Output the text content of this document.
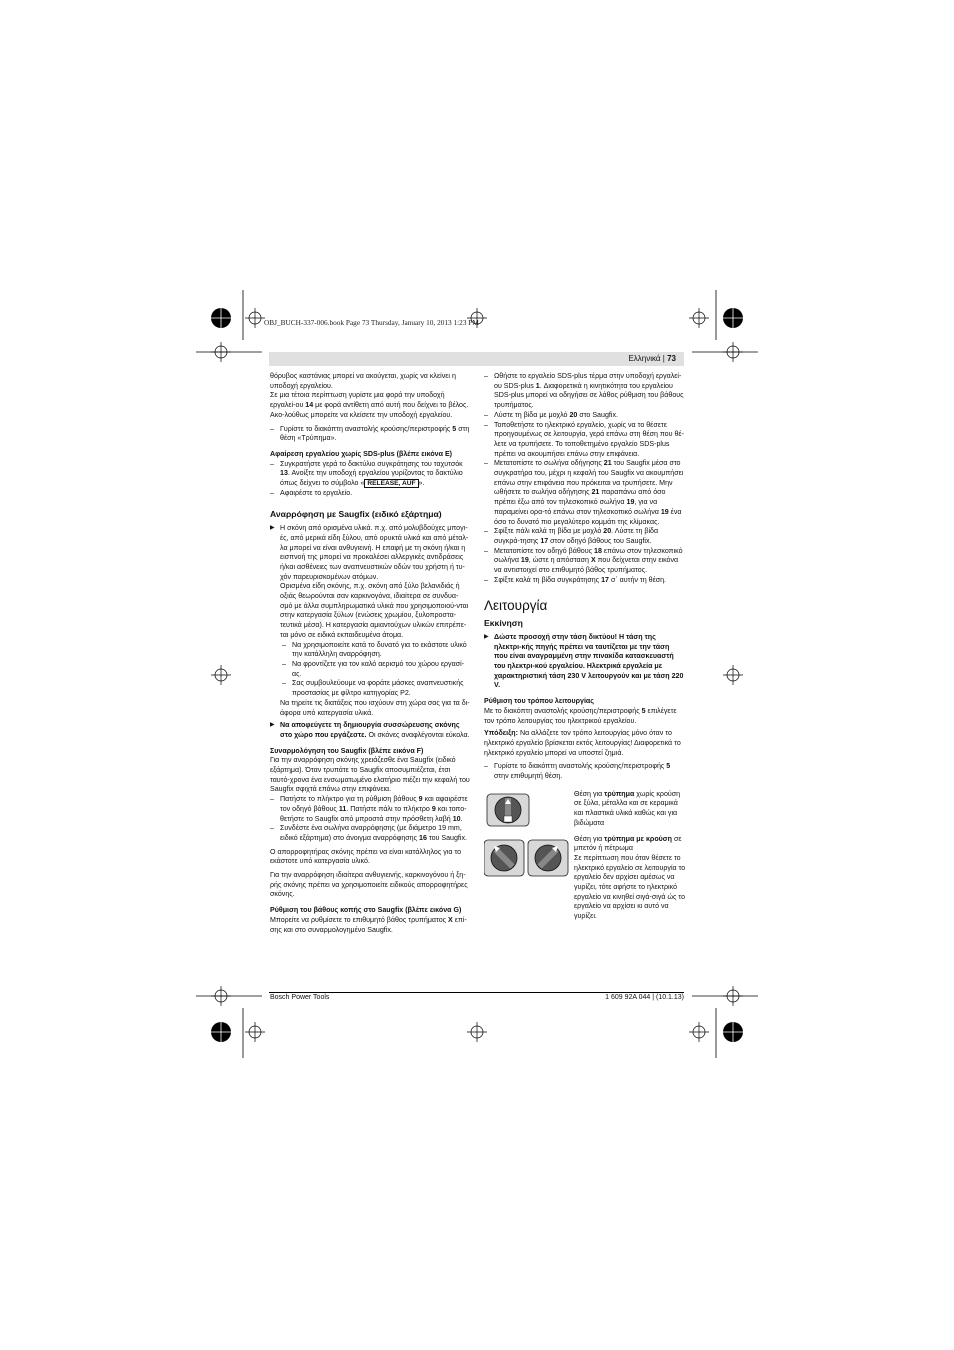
OBJ_BUCH-337-006.book Page 73 Thursday, January 10, 2013 1:23 PM
Ελληνικά | 73

θόρυβος καστάνιας μπορεί να ακούγεται, χωρίς να κλείνει η υποδοχή εργαλείου.

Σε μια τέτοια περίπτωση γυρίστε μια φορά την υποδοχή εργαλεί-ου 14 με φορά αντίθετη από αυτή που δείχνει το βέλος. Ακο-λούθως μπορείτε να κλείσετε την υποδοχή εργαλείου.

– Γυρίστε το διακόπτη αναστολής κρούσης/περιστροφής 5 στη θέση «Τρύπημα».

Αφαίρεση εργαλείου χωρίς SDS-plus (βλέπε εικόνα E)

– Συγκρατήστε γερά το δακτύλιο συγκράτησης του ταχυτσόκ 13. Ανοίξτε την υποδοχή εργαλείου γυρίζοντας το δακτύλιο όπως δείχνει το σύμβολο « RELEASE, AUF ».

– Αφαιρέστε το εργαλείο.

Αναρρόφηση με Saugfix (ειδικό εξάρτημα)

▶ Η σκόνη από ορισμένα υλικά. π.χ. από μολυβδούχες μπογι-ές, από μερικά είδη ξύλου, από ορυκτά υλικά και από μέταλ-λα μπορεί να είναι ανθυγιεινή. Η επαφή με τη σκόνη ή/και η εισπνοή της μπορεί να προκαλέσει αλλεργικές αντιδράσεις ή/και ασθένειες των αναπνευστικών οδών του χρήστη ή τυ-χόν παρευρισκομένων ατόμων.

Ορισμένα είδη σκόνης, π.χ. σκόνη από ξύλο βελανιδιάς ή οξιάς θεωρούνται σαν καρκινογόνα, ιδιαίτερα σε συνδυα-σμό με άλλα συμπληρωματικά υλικά που χρησιμοποιού-νται στην κατεργασία ξύλων (ενώσεις χρωμίου, ξυλοπροστα-τευτικά μέσα). Η κατεργασία αμιαντούχων υλικών επιτρέπε-ται μόνο σε ειδικά εκπαιδευμένα άτομα.

– Να χρησιμοποιείτε κατά το δυνατό για το εκάστοτε υλικό την κατάλληλη αναρρόφηση.

– Να φροντίζετε για τον καλό αερισμό του χώρου εργασί-ας.

– Σας συμβουλεύουμε να φοράτε μάσκες αναπνευστικής προστασίας με φίλτρο κατηγορίας P2.

Να τηρείτε τις διατάξεις που ισχύουν στη χώρα σας για τα δι-άφορα υπό κατεργασία υλικά.

▶ Να αποφεύγετε τη δημιουργία συσσώρευσης σκόνης στο χώρο που εργάζεστε. Οι σκόνες αναφλέγονται εύκολα.

Συναρμολόγηση του Saugfix (βλέπε εικόνα F)

Για την αναρρόφηση σκόνης χρειάζεσθε ένα Saugfix (ειδικό εξάρτημα). Όταν τρυπάτε το Saugfix αποσυμπιέζεται, έτσι ταυτό-χρονα ένα ενσωματωμένο ελατήριο πιέζει την κεφαλή του Saugfix σφιχτά επάνω στην επιφάνεια.

– Πατήστε το πλήκτρο για τη ρύθμιση βάθους 9 και αφαιρέστε τον οδηγό βάθους 11. Πατήστε πάλι το πλήκτρο 9 και τοπο-θετήστε το Saugfix από μπροστά στην πρόσθετη λαβή 10.

– Συνδέστε ένα σωλήνα αναρρόφησης (με διάμετρο 19 mm, ειδικό εξάρτημα) στο άνοιγμα αναρρόφησης 16 του Saugfix.

Ο απορροφητήρας σκόνης πρέπει να είναι κατάλληλος για το εκάστοτε υπό κατεργασία υλικό.

Για την αναρρόφηση ιδιαίτερα ανθυγιεινής, καρκινογόνου ή ξη-ρής σκόνης πρέπει να χρησιμοποιείτε ειδικούς απορροφητήρες σκόνης.

Ρύθμιση του βάθους κοπής στο Saugfix (βλέπε εικόνα G)

Μπορείτε να ρυθμίσετε το επιθυμητό βάθος τρυπήματος X επί-σης και στο συναρμολογημένο Saugfix.

– Ωθήστε το εργαλείο SDS-plus τέρμα στην υποδοχή εργαλεί-ου SDS-plus 1. Διαφορετικά η κινητικότητα του εργαλείου SDS-plus μπορεί να οδηγήσει σε λάθος ρύθμιση του βάθους τρυπήματος.

– Λύστε τη βίδα με μοχλό 20 στο Saugfix.

– Τοποθετήστε το ηλεκτρικό εργαλείο, χωρίς να το θέσετε προηγουμένως σε λειτουργία, γερά επάνω στη θέση που θέ-λετε να τρυπήσετε. Το τοποθετημένο εργαλείο SDS-plus πρέπει να ακουμπήσει επάνω στην επιφάνεια.

– Μετατοπίστε το σωλήνα οδήγησης 21 του Saugfix μέσα στο συγκρατήρα του, μέχρι η κεφαλή του Saugfix να ακουμπήσει επάνω στην επιφάνεια που πρόκειται να τρυπήσετε. Μην ωθήσετε το σωλήνα οδήγησης 21 παραπάνω από όσο πρέπει έξω από τον τηλεσκοπικό σωλήνα 19, για να παραμείνει ορα-τό επάνω στον τηλεσκοπικό σωλήνα 19 ένα όσο το δυνατό πιο μεγαλύτερο κομμάτι της κλίμακας.

– Σφίξτε πάλι καλά τη βίδα με μοχλό 20. Λύστε τη βίδα συγκρά-τησης 17 στον οδηγό βάθους του Saugfix.

– Μετατοπίστε τον οδηγό βάθους 18 επάνω στον τηλεσκοπικό σωλήνα 19, ώστε η απόσταση X που δείχνεται στην εικόνα να αντιστοιχεί στο επιθυμητό βάθος τρυπήματος.

– Σφίξτε καλά τη βίδα συγκράτησης 17 σ᾽ αυτήν τη θέση.

Λειτουργία

Εκκίνηση

▶ Δώστε προσοχή στην τάση δικτύου! Η τάση της ηλεκτρι-κής πηγής πρέπει να ταυτίζεται με την τάση που είναι αναγραμμένη στην πινακίδα κατασκευαστή του ηλεκτρι-κού εργαλείου. Ηλεκτρικά εργαλεία με χαρακτηριστική τάση 230 V λειτουργούν και με τάση 220 V.

Ρύθμιση του τρόπου λειτουργίας

Με το διακόπτη αναστολής κρούσης/περιστροφής 5 επιλέγετε τον τρόπο λειτουργίας του ηλεκτρικού εργαλείου.

Υπόδειξη: Να αλλάζετε τον τρόπο λειτουργίας μόνο όταν το ηλεκτρικό εργαλείο βρίσκεται εκτός λειτουργίας! Διαφορετικά το ηλεκτρικό εργαλείο μπορεί να υποστεί ζημιά.

– Γυρίστε το διακόπτη αναστολής κρούσης/περιστροφής 5 στην επιθυμητή θέση.

Θέση για τρύπημα χωρίς κρούση σε ξύλα, μέταλλα και σε κεραμικά και πλαστικά υλικά καθώς και για βιδώματα

Θέση για τρύπημα με κρούση σε μπετόν ή πέτρωμα

Σε περίπτωση που όταν θέσετε το ηλεκτρικό εργαλείο σε λειτουργία το εργαλείο δεν αρχίσει αμέσως να γυρίζει, τότε αφήστε το ηλεκτρικό εργαλείο να κινηθεί σιγά-σιγά ώς το εργαλείο να αρχίσει κι αυτό να γυρίζει.

Bosch Power Tools	1 609 92A 044 | (10.1.13)
